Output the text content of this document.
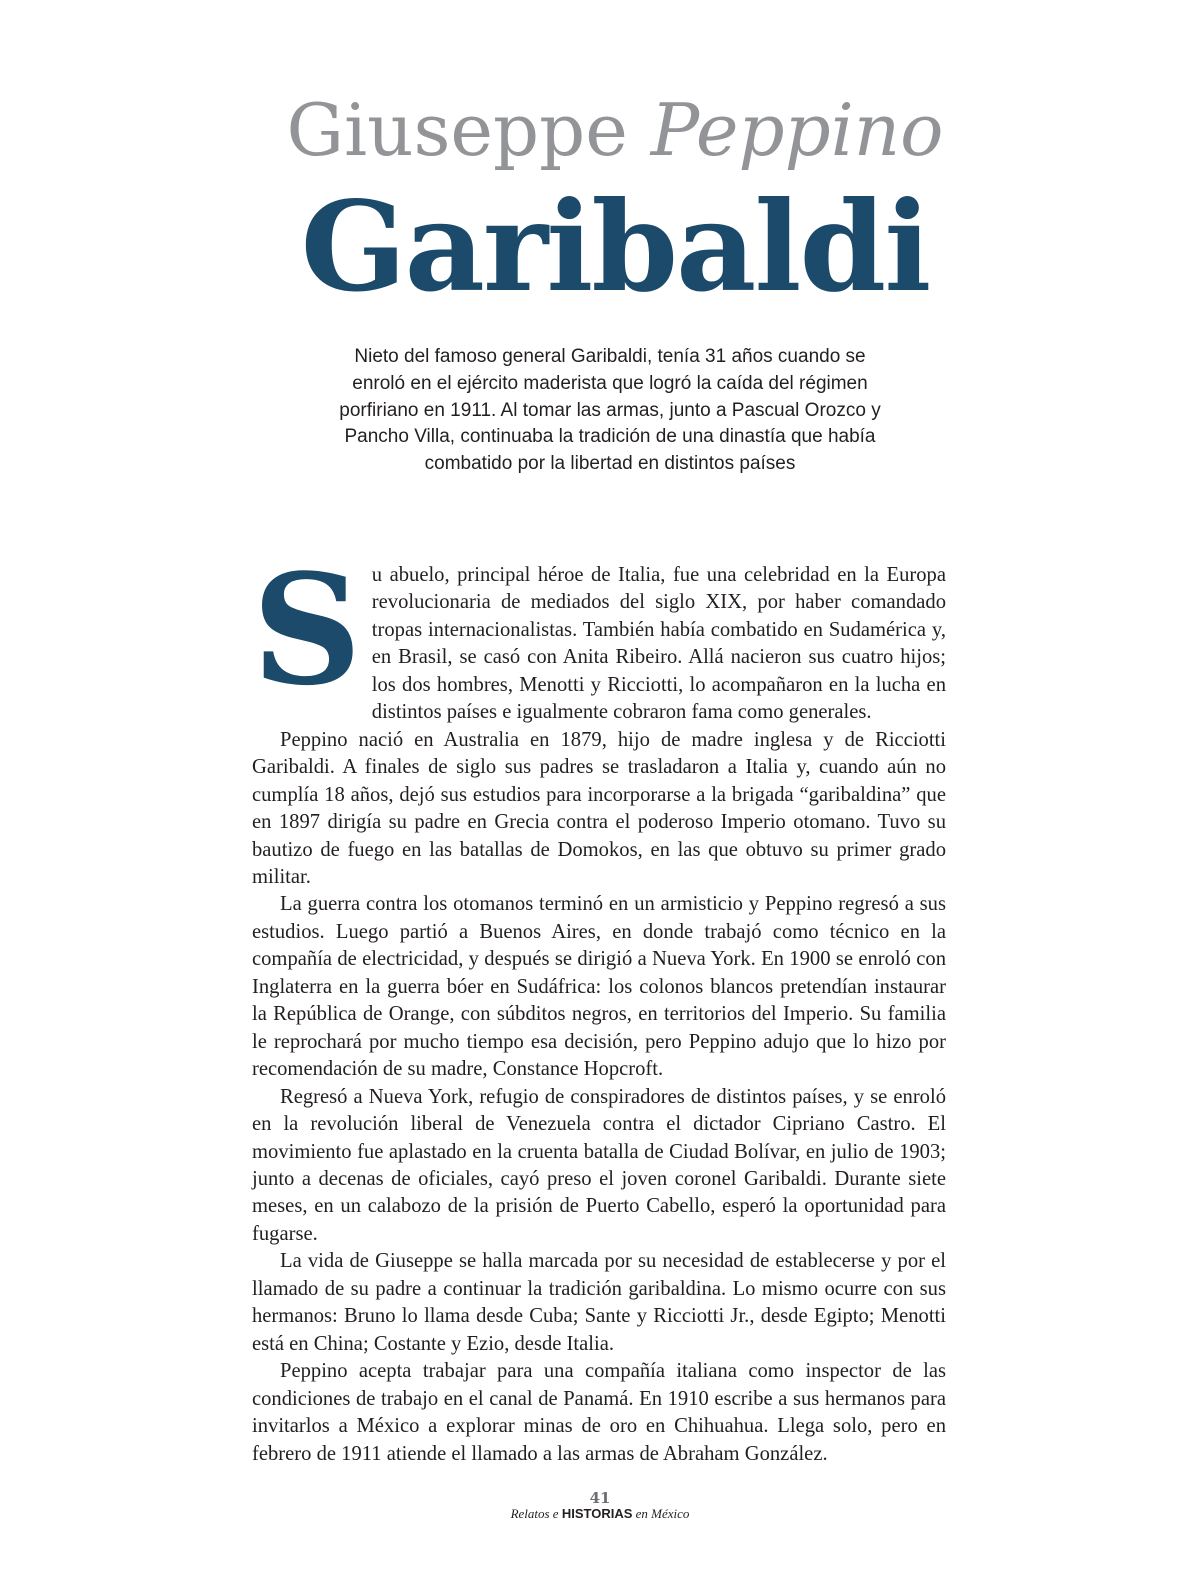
Giuseppe Peppino
Garibaldi
Nieto del famoso general Garibaldi, tenía 31 años cuando se enroló en el ejército maderista que logró la caída del régimen porfiriano en 1911. Al tomar las armas, junto a Pascual Orozco y Pancho Villa, continuaba la tradición de una dinastía que había combatido por la libertad en distintos países

Su abuelo, principal héroe de Italia, fue una celebridad en la Europa revolucionaria de mediados del siglo XIX, por haber comandado tropas internacionalistas. También había combatido en Sudamérica y, en Brasil, se casó con Anita Ribeiro. Allá nacieron sus cuatro hijos; los dos hombres, Menotti y Ricciotti, lo acompañaron en la lucha en distintos países e igualmente cobraron fama como generales.

Peppino nació en Australia en 1879, hijo de madre inglesa y de Ricciotti Garibaldi. A finales de siglo sus padres se trasladaron a Italia y, cuando aún no cumplía 18 años, dejó sus estudios para incorporarse a la brigada “garibaldina” que en 1897 dirigía su padre en Grecia contra el poderoso Imperio otomano. Tuvo su bautizo de fuego en las batallas de Domokos, en las que obtuvo su primer grado militar.

La guerra contra los otomanos terminó en un armisticio y Peppino regresó a sus estudios. Luego partió a Buenos Aires, en donde trabajó como técnico en la compañía de electricidad, y después se dirigió a Nueva York. En 1900 se enroló con Inglaterra en la guerra bóer en Sudáfrica: los colonos blancos pretendían instaurar la República de Orange, con súbditos negros, en territorios del Imperio. Su familia le reprochará por mucho tiempo esa decisión, pero Peppino adujo que lo hizo por recomendación de su madre, Constance Hopcroft.

Regresó a Nueva York, refugio de conspiradores de distintos países, y se enroló en la revolución liberal de Venezuela contra el dictador Cipriano Castro. El movimiento fue aplastado en la cruenta batalla de Ciudad Bolívar, en julio de 1903; junto a decenas de oficiales, cayó preso el joven coronel Garibaldi. Durante siete meses, en un calabozo de la prisión de Puerto Cabello, esperó la oportunidad para fugarse.

La vida de Giuseppe se halla marcada por su necesidad de establecerse y por el llamado de su padre a continuar la tradición garibaldina. Lo mismo ocurre con sus hermanos: Bruno lo llama desde Cuba; Sante y Ricciotti Jr., desde Egipto; Menotti está en China; Costante y Ezio, desde Italia.

Peppino acepta trabajar para una compañía italiana como inspector de las condiciones de trabajo en el canal de Panamá. En 1910 escribe a sus hermanos para invitarlos a México a explorar minas de oro en Chihuahua. Llega solo, pero en febrero de 1911 atiende el llamado a las armas de Abraham González.

41
Relatos e HISTORIAS en México
